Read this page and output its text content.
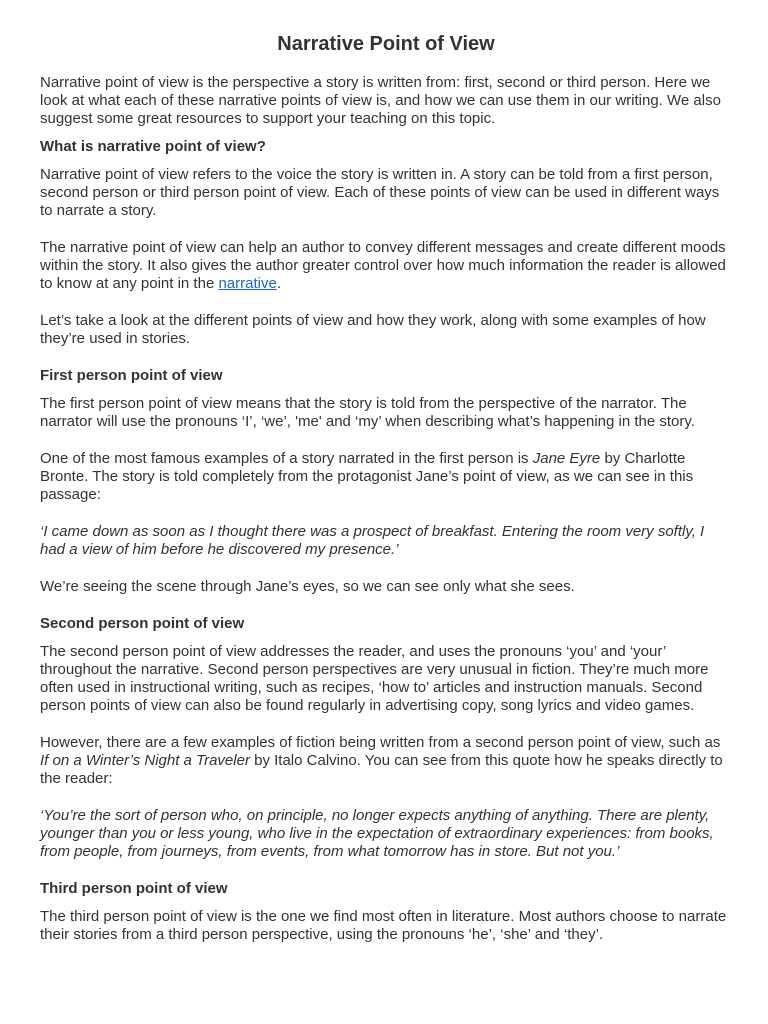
Narrative Point of View

Narrative point of view is the perspective a story is written from: first, second or third person. Here we look at what each of these narrative points of view is, and how we can use them in our writing. We also suggest some great resources to support your teaching on this topic.

What is narrative point of view?

Narrative point of view refers to the voice the story is written in. A story can be told from a first person, second person or third person point of view. Each of these points of view can be used in different ways to narrate a story.

The narrative point of view can help an author to convey different messages and create different moods within the story. It also gives the author greater control over how much information the reader is allowed to know at any point in the narrative.

Let’s take a look at the different points of view and how they work, along with some examples of how they’re used in stories.

First person point of view

The first person point of view means that the story is told from the perspective of the narrator. The narrator will use the pronouns ‘I’, ‘we’, 'me' and ‘my’ when describing what’s happening in the story.

One of the most famous examples of a story narrated in the first person is Jane Eyre by Charlotte Bronte. The story is told completely from the protagonist Jane’s point of view, as we can see in this passage:

‘I came down as soon as I thought there was a prospect of breakfast. Entering the room very softly, I had a view of him before he discovered my presence.’

We’re seeing the scene through Jane’s eyes, so we can see only what she sees.

Second person point of view

The second person point of view addresses the reader, and uses the pronouns ‘you’ and ‘your’ throughout the narrative. Second person perspectives are very unusual in fiction. They’re much more often used in instructional writing, such as recipes, ‘how to’ articles and instruction manuals. Second person points of view can also be found regularly in advertising copy, song lyrics and video games.

However, there are a few examples of fiction being written from a second person point of view, such as If on a Winter’s Night a Traveler by Italo Calvino. You can see from this quote how he speaks directly to the reader:

‘You’re the sort of person who, on principle, no longer expects anything of anything. There are plenty, younger than you or less young, who live in the expectation of extraordinary experiences: from books, from people, from journeys, from events, from what tomorrow has in store. But not you.’

Third person point of view

The third person point of view is the one we find most often in literature. Most authors choose to narrate their stories from a third person perspective, using the pronouns ‘he’, ‘she’ and ‘they’.
